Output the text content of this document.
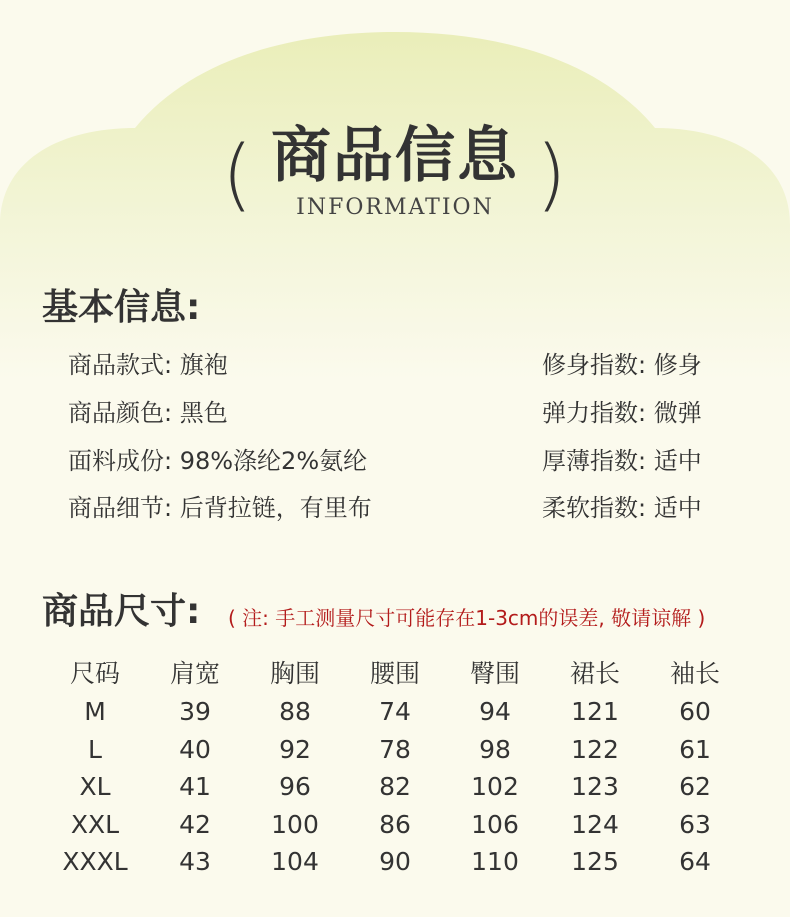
( 商品信息
INFORMATION )
基本信息:
商品款式: 旗袍
商品颜色: 黑色
面料成份: 98%涤纶2%氨纶
商品细节: 后背拉链，有里布
修身指数: 修身
弹力指数: 微弹
厚薄指数: 适中
柔软指数: 适中
商品尺寸: ( 注: 手工测量尺寸可能存在1-3cm的误差, 敬请谅解 )
尺码	肩宽	胸围	腰围	臀围	裙长	袖长
M	39	88	74	94	121	60
L	40	92	78	98	122	61
XL	41	96	82	102	123	62
XXL	42	100	86	106	124	63
XXXL	43	104	90	110	125	64
